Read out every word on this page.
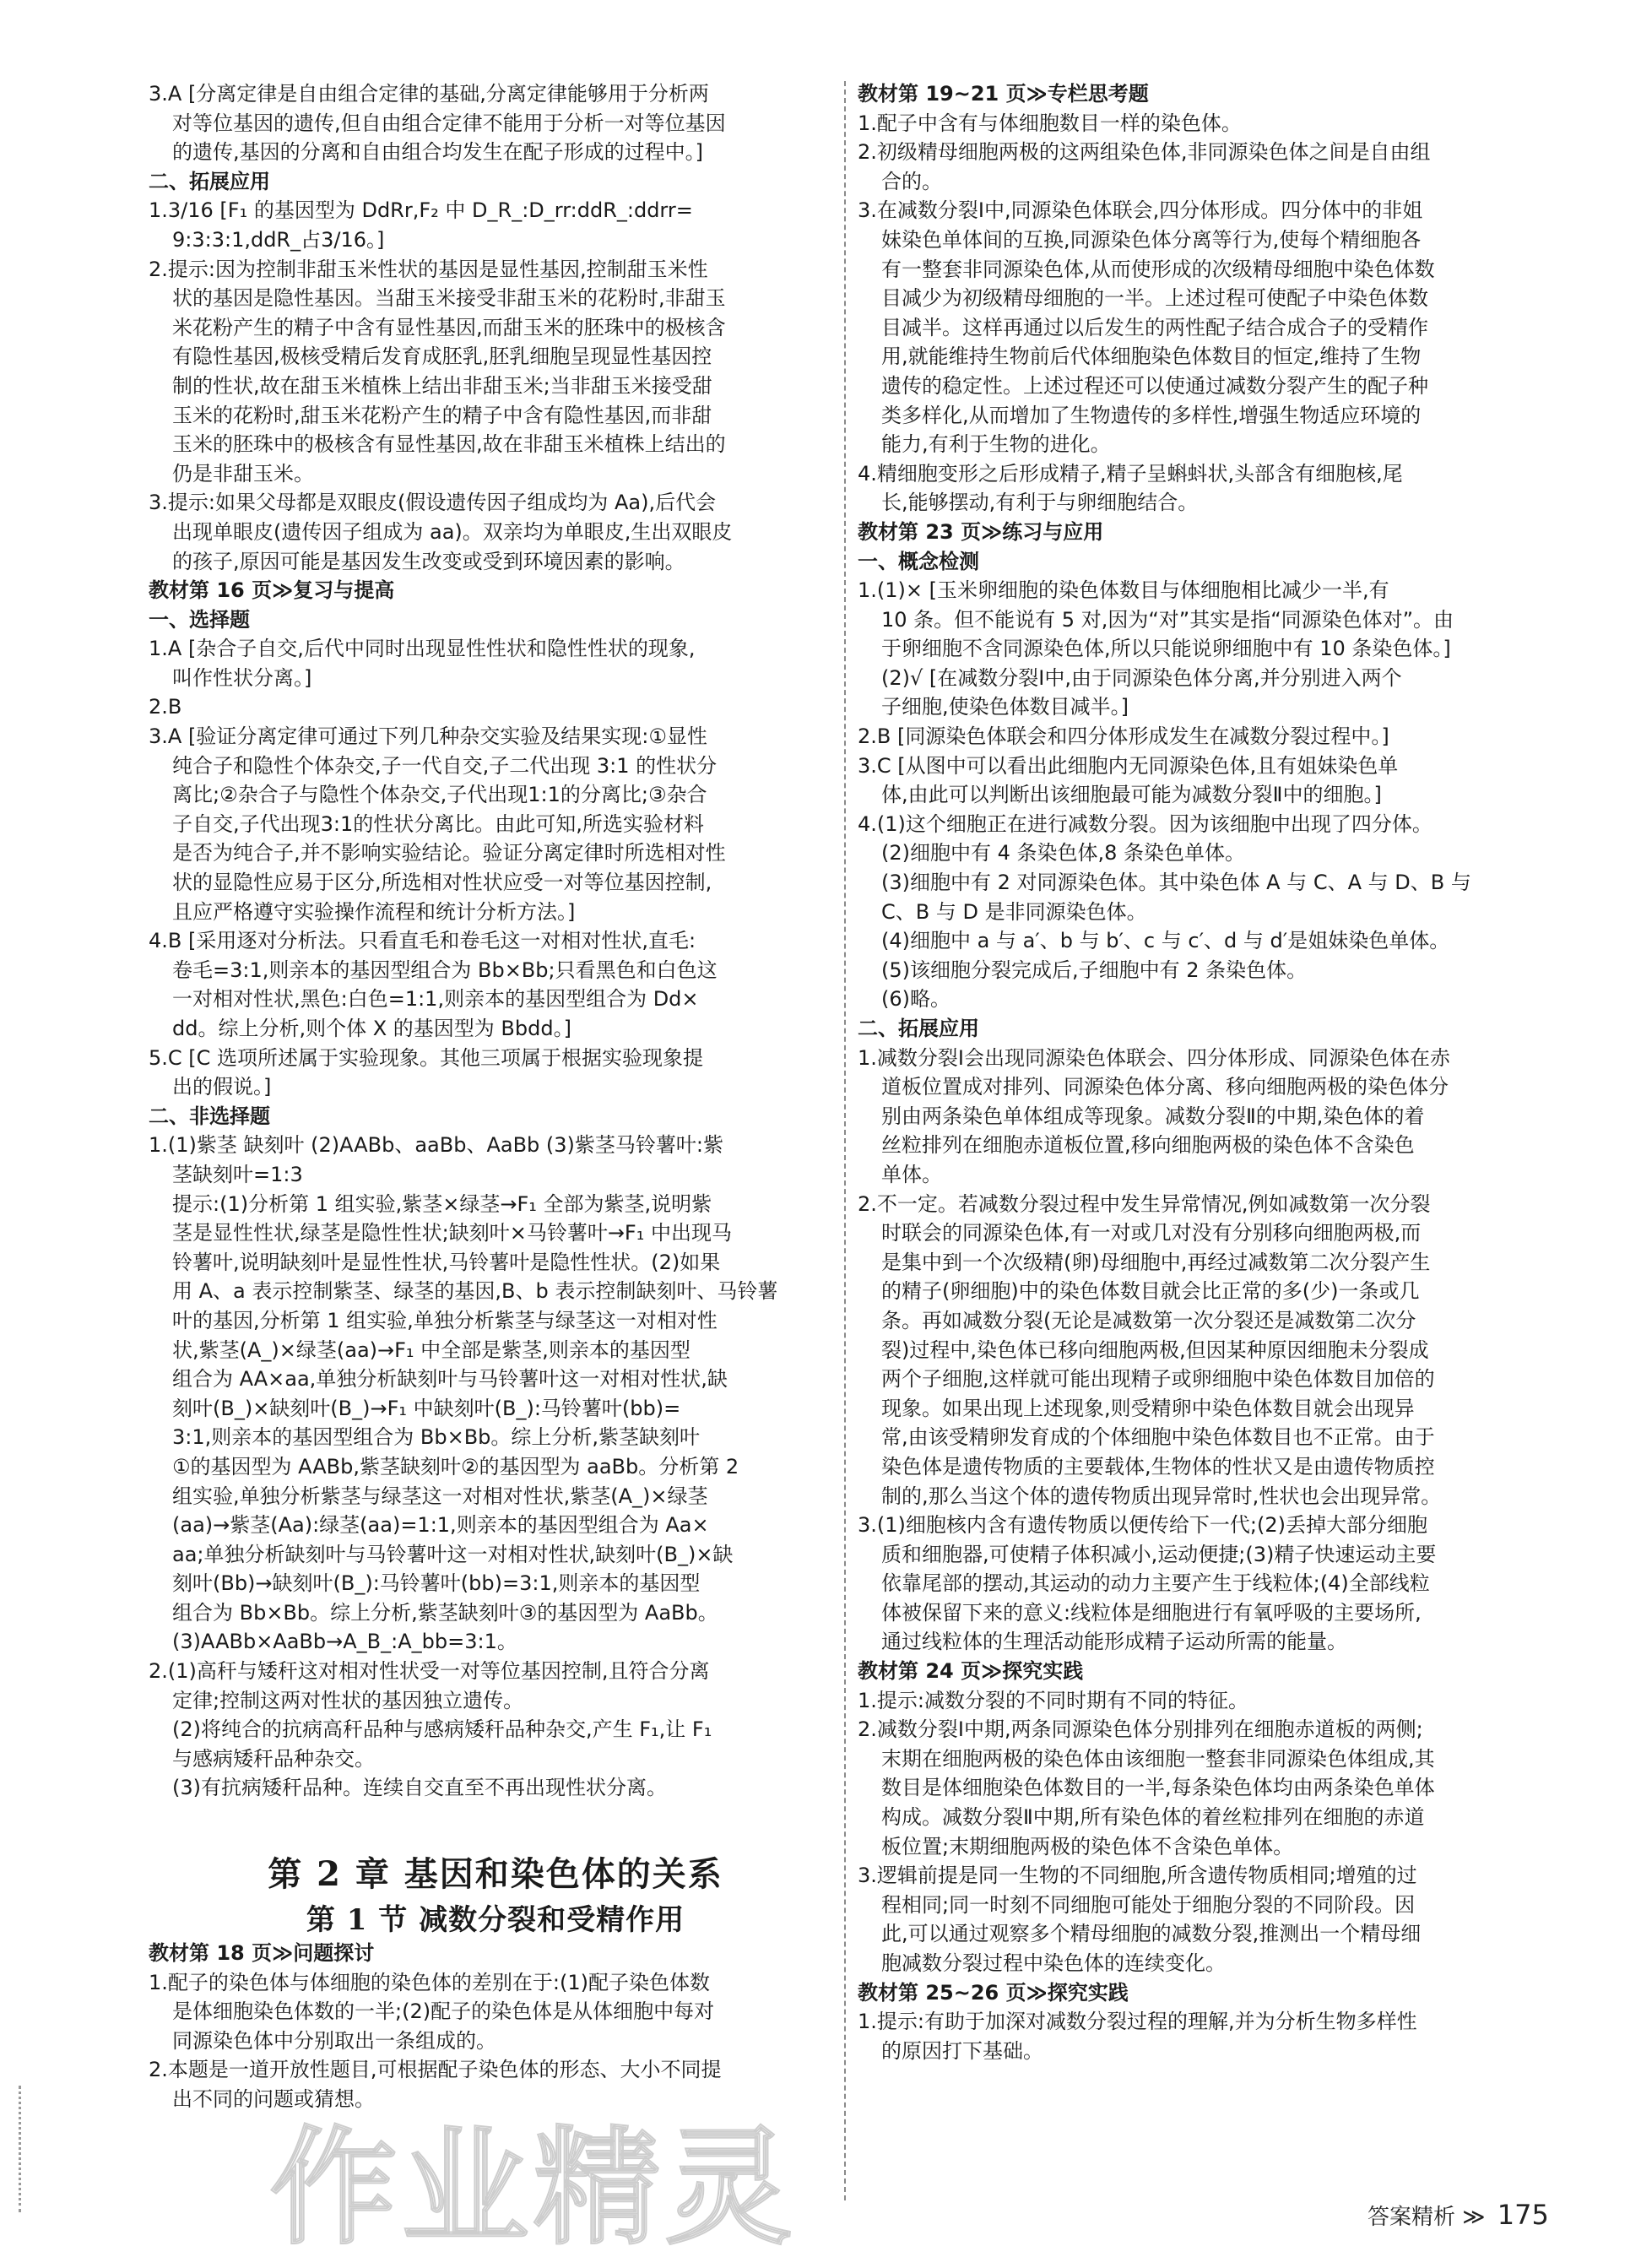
3.A [分离定律是自由组合定律的基础,分离定律能够用于分析两
对等位基因的遗传,但自由组合定律不能用于分析一对等位基因
的遗传,基因的分离和自由组合均发生在配子形成的过程中。]
二、拓展应用
1.3/16 [F₁ 的基因型为 DdRr,F₂ 中 D_R_:D_rr:ddR_:ddrr=
9:3:3:1,ddR_占3/16。]
2.提示:因为控制非甜玉米性状的基因是显性基因,控制甜玉米性
状的基因是隐性基因。当甜玉米接受非甜玉米的花粉时,非甜玉
米花粉产生的精子中含有显性基因,而甜玉米的胚珠中的极核含
有隐性基因,极核受精后发育成胚乳,胚乳细胞呈现显性基因控
制的性状,故在甜玉米植株上结出非甜玉米;当非甜玉米接受甜
玉米的花粉时,甜玉米花粉产生的精子中含有隐性基因,而非甜
玉米的胚珠中的极核含有显性基因,故在非甜玉米植株上结出的
仍是非甜玉米。
3.提示:如果父母都是双眼皮(假设遗传因子组成均为 Aa),后代会
出现单眼皮(遗传因子组成为 aa)。双亲均为单眼皮,生出双眼皮
的孩子,原因可能是基因发生改变或受到环境因素的影响。
教材第 16 页≫复习与提高
一、选择题
1.A [杂合子自交,后代中同时出现显性性状和隐性性状的现象,
叫作性状分离。]
2.B
3.A [验证分离定律可通过下列几种杂交实验及结果实现:①显性
纯合子和隐性个体杂交,子一代自交,子二代出现 3:1 的性状分
离比;②杂合子与隐性个体杂交,子代出现1:1的分离比;③杂合
子自交,子代出现3:1的性状分离比。由此可知,所选实验材料
是否为纯合子,并不影响实验结论。验证分离定律时所选相对性
状的显隐性应易于区分,所选相对性状应受一对等位基因控制,
且应严格遵守实验操作流程和统计分析方法。]
4.B [采用逐对分析法。只看直毛和卷毛这一对相对性状,直毛:
卷毛=3:1,则亲本的基因型组合为 Bb×Bb;只看黑色和白色这
一对相对性状,黑色:白色=1:1,则亲本的基因型组合为 Dd×
dd。综上分析,则个体 X 的基因型为 Bbdd。]
5.C [C 选项所述属于实验现象。其他三项属于根据实验现象提
出的假说。]
二、非选择题
1.(1)紫茎 缺刻叶 (2)AABb、aaBb、AaBb (3)紫茎马铃薯叶:紫
茎缺刻叶=1:3
提示:(1)分析第 1 组实验,紫茎×绿茎→F₁ 全部为紫茎,说明紫
茎是显性性状,绿茎是隐性性状;缺刻叶×马铃薯叶→F₁ 中出现马
铃薯叶,说明缺刻叶是显性性状,马铃薯叶是隐性性状。(2)如果
用 A、a 表示控制紫茎、绿茎的基因,B、b 表示控制缺刻叶、马铃薯
叶的基因,分析第 1 组实验,单独分析紫茎与绿茎这一对相对性
状,紫茎(A_)×绿茎(aa)→F₁ 中全部是紫茎,则亲本的基因型
组合为 AA×aa,单独分析缺刻叶与马铃薯叶这一对相对性状,缺
刻叶(B_)×缺刻叶(B_)→F₁ 中缺刻叶(B_):马铃薯叶(bb)=
3:1,则亲本的基因型组合为 Bb×Bb。综上分析,紫茎缺刻叶
①的基因型为 AABb,紫茎缺刻叶②的基因型为 aaBb。分析第 2
组实验,单独分析紫茎与绿茎这一对相对性状,紫茎(A_)×绿茎
(aa)→紫茎(Aa):绿茎(aa)=1:1,则亲本的基因型组合为 Aa×
aa;单独分析缺刻叶与马铃薯叶这一对相对性状,缺刻叶(B_)×缺
刻叶(Bb)→缺刻叶(B_):马铃薯叶(bb)=3:1,则亲本的基因型
组合为 Bb×Bb。综上分析,紫茎缺刻叶③的基因型为 AaBb。
(3)AABb×AaBb→A_B_:A_bb=3:1。
2.(1)高秆与矮秆这对相对性状受一对等位基因控制,且符合分离
定律;控制这两对性状的基因独立遗传。
(2)将纯合的抗病高秆品种与感病矮秆品种杂交,产生 F₁,让 F₁
与感病矮秆品种杂交。
(3)有抗病矮秆品种。连续自交直至不再出现性状分离。
第 2 章 基因和染色体的关系
第 1 节 减数分裂和受精作用
教材第 18 页≫问题探讨
1.配子的染色体与体细胞的染色体的差别在于:(1)配子染色体数
是体细胞染色体数的一半;(2)配子的染色体是从体细胞中每对
同源染色体中分别取出一条组成的。
2.本题是一道开放性题目,可根据配子染色体的形态、大小不同提
出不同的问题或猜想。
教材第 19~21 页≫专栏思考题
1.配子中含有与体细胞数目一样的染色体。
2.初级精母细胞两极的这两组染色体,非同源染色体之间是自由组
合的。
3.在减数分裂Ⅰ中,同源染色体联会,四分体形成。四分体中的非姐
妹染色单体间的互换,同源染色体分离等行为,使每个精细胞各
有一整套非同源染色体,从而使形成的次级精母细胞中染色体数
目减少为初级精母细胞的一半。上述过程可使配子中染色体数
目减半。这样再通过以后发生的两性配子结合成合子的受精作
用,就能维持生物前后代体细胞染色体数目的恒定,维持了生物
遗传的稳定性。上述过程还可以使通过减数分裂产生的配子种
类多样化,从而增加了生物遗传的多样性,增强生物适应环境的
能力,有利于生物的进化。
4.精细胞变形之后形成精子,精子呈蝌蚪状,头部含有细胞核,尾
长,能够摆动,有利于与卵细胞结合。
教材第 23 页≫练习与应用
一、概念检测
1.(1)× [玉米卵细胞的染色体数目与体细胞相比减少一半,有
10 条。但不能说有 5 对,因为“对”其实是指“同源染色体对”。由
于卵细胞不含同源染色体,所以只能说卵细胞中有 10 条染色体。]
(2)√ [在减数分裂Ⅰ中,由于同源染色体分离,并分别进入两个
子细胞,使染色体数目减半。]
2.B [同源染色体联会和四分体形成发生在减数分裂过程中。]
3.C [从图中可以看出此细胞内无同源染色体,且有姐妹染色单
体,由此可以判断出该细胞最可能为减数分裂Ⅱ中的细胞。]
4.(1)这个细胞正在进行减数分裂。因为该细胞中出现了四分体。
(2)细胞中有 4 条染色体,8 条染色单体。
(3)细胞中有 2 对同源染色体。其中染色体 A 与 C、A 与 D、B 与
C、B 与 D 是非同源染色体。
(4)细胞中 a 与 a′、b 与 b′、c 与 c′、d 与 d′是姐妹染色单体。
(5)该细胞分裂完成后,子细胞中有 2 条染色体。
(6)略。
二、拓展应用
1.减数分裂Ⅰ会出现同源染色体联会、四分体形成、同源染色体在赤
道板位置成对排列、同源染色体分离、移向细胞两极的染色体分
别由两条染色单体组成等现象。减数分裂Ⅱ的中期,染色体的着
丝粒排列在细胞赤道板位置,移向细胞两极的染色体不含染色
单体。
2.不一定。若减数分裂过程中发生异常情况,例如减数第一次分裂
时联会的同源染色体,有一对或几对没有分别移向细胞两极,而
是集中到一个次级精(卵)母细胞中,再经过减数第二次分裂产生
的精子(卵细胞)中的染色体数目就会比正常的多(少)一条或几
条。再如减数分裂(无论是减数第一次分裂还是减数第二次分
裂)过程中,染色体已移向细胞两极,但因某种原因细胞未分裂成
两个子细胞,这样就可能出现精子或卵细胞中染色体数目加倍的
现象。如果出现上述现象,则受精卵中染色体数目就会出现异
常,由该受精卵发育成的个体细胞中染色体数目也不正常。由于
染色体是遗传物质的主要载体,生物体的性状又是由遗传物质控
制的,那么当这个体的遗传物质出现异常时,性状也会出现异常。
3.(1)细胞核内含有遗传物质以便传给下一代;(2)丢掉大部分细胞
质和细胞器,可使精子体积减小,运动便捷;(3)精子快速运动主要
依靠尾部的摆动,其运动的动力主要产生于线粒体;(4)全部线粒
体被保留下来的意义:线粒体是细胞进行有氧呼吸的主要场所,
通过线粒体的生理活动能形成精子运动所需的能量。
教材第 24 页≫探究实践
1.提示:减数分裂的不同时期有不同的特征。
2.减数分裂Ⅰ中期,两条同源染色体分别排列在细胞赤道板的两侧;
末期在细胞两极的染色体由该细胞一整套非同源染色体组成,其
数目是体细胞染色体数目的一半,每条染色体均由两条染色单体
构成。减数分裂Ⅱ中期,所有染色体的着丝粒排列在细胞的赤道
板位置;末期细胞两极的染色体不含染色单体。
3.逻辑前提是同一生物的不同细胞,所含遗传物质相同;增殖的过
程相同;同一时刻不同细胞可能处于细胞分裂的不同阶段。因
此,可以通过观察多个精母细胞的减数分裂,推测出一个精母细
胞减数分裂过程中染色体的连续变化。
教材第 25~26 页≫探究实践
1.提示:有助于加深对减数分裂过程的理解,并为分析生物多样性
的原因打下基础。
答案精析 ≫ 175
作业精灵
